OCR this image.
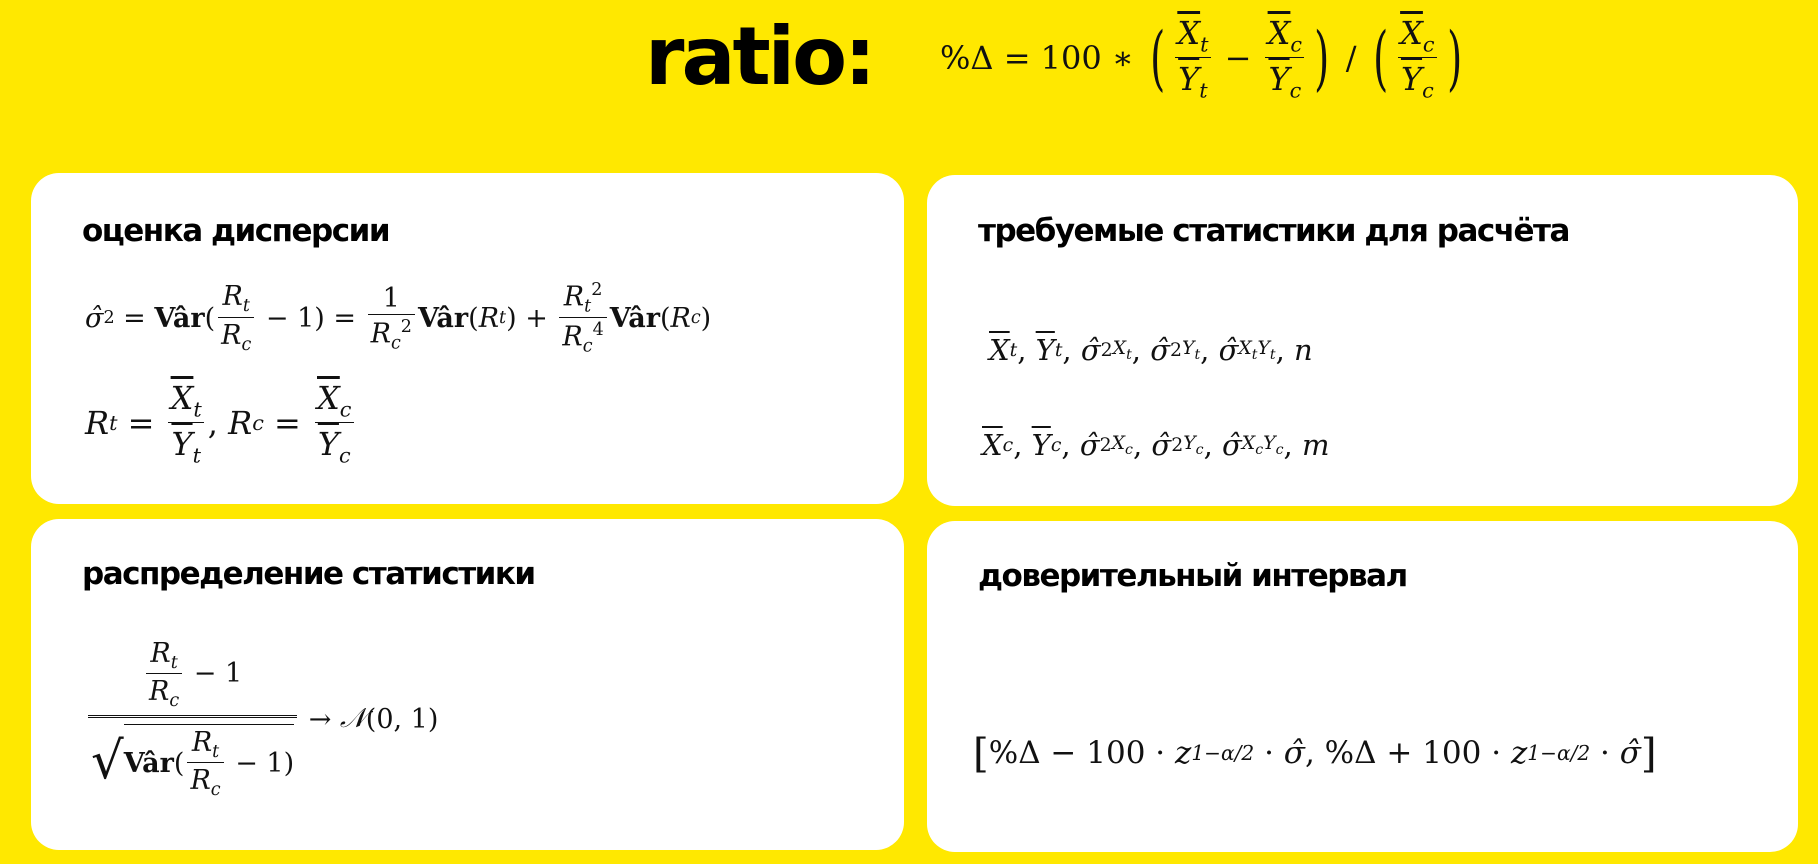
ratio: %Δ = 100 ∗ ( $\frac{\overline{X}_t}{\overline{Y}_t} - \frac{\overline{X}_c}{\overline{Y}_c}$ ) / ( $\frac{\overline{X}_c}{\overline{Y}_c}$ )
оценка дисперсии
σ̂ 2 = Vâr ( $\frac{R_t}{R_c} - 1) = \frac{1}{R_c^2}$ Vâr ( R t ) + $\frac{R_t^2}{R_c^4}$ Vâr ( R c )
R $t = \frac{\overline{X}_t}{\overline{Y}_t}$ , R $c = \frac{\overline{X}_c}{\overline{Y}_c}$
требуемые статистики для расчёта
$\overline{X}$ t , $\overline{Y}$ t , σ̂ 2 $X_t$ , σ̂ 2 $Y_t$ , σ̂ $X_tY_t$ , n
$\overline{X}$ c , $\overline{Y}$ c , σ̂ 2 $X_c$ , σ̂ 2 $Y_c$ , σ̂ $X_cY_c$ , m
распределение статистики
$\frac{\frac{R_t}{R_c} - 1}{√ Vâr ( \frac{R_t}{R_c} - 1)}$ → 𝒩 (0, 1)
доверительный интервал
[ %Δ − 100 · z 1−α/2 · σ̂ , %Δ + 100 · z 1−α/2 · σ̂ ]
